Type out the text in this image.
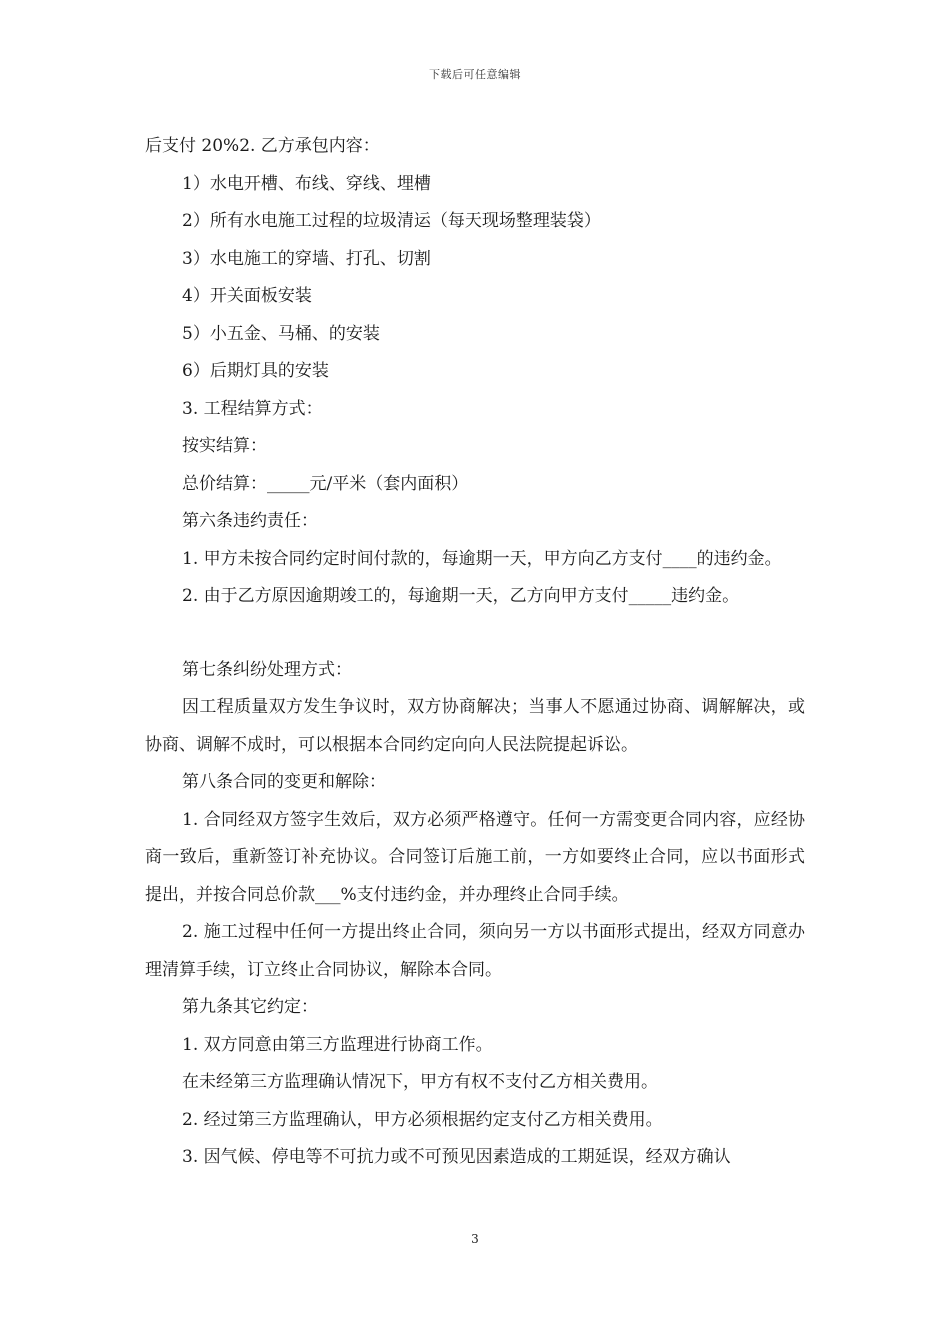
下载后可任意编辑

后支付 20%2. 乙方承包内容：

1）水电开槽、布线、穿线、埋槽

2）所有水电施工过程的垃圾清运（每天现场整理装袋）

3）水电施工的穿墙、打孔、切割

4）开关面板安装

5）小五金、马桶、的安装

6）后期灯具的安装

3. 工程结算方式：

按实结算：

总价结算：_____元/平米（套内面积）

第六条违约责任：

1. 甲方未按合同约定时间付款的，每逾期一天，甲方向乙方支付____的违约金。

2. 由于乙方原因逾期竣工的，每逾期一天，乙方向甲方支付_____违约金。

第七条纠纷处理方式：

因工程质量双方发生争议时，双方协商解决；当事人不愿通过协商、调解解决，或协商、调解不成时，可以根据本合同约定向向人民法院提起诉讼。

第八条合同的变更和解除：

1. 合同经双方签字生效后，双方必须严格遵守。任何一方需变更合同内容，应经协商一致后，重新签订补充协议。合同签订后施工前，一方如要终止合同，应以书面形式提出，并按合同总价款___%支付违约金，并办理终止合同手续。

2. 施工过程中任何一方提出终止合同，须向另一方以书面形式提出，经双方同意办理清算手续，订立终止合同协议，解除本合同。

第九条其它约定：

1. 双方同意由第三方监理进行协商工作。

在未经第三方监理确认情况下，甲方有权不支付乙方相关费用。

2. 经过第三方监理确认，甲方必须根据约定支付乙方相关费用。

3. 因气候、停电等不可抗力或不可预见因素造成的工期延误，经双方确认

3
